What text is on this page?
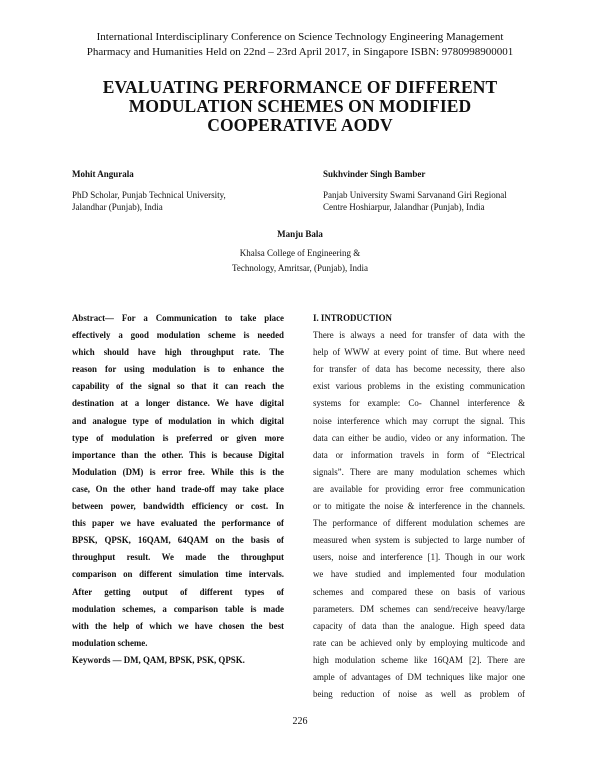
International Interdisciplinary Conference on Science Technology Engineering Management
Pharmacy and Humanities Held on 22nd – 23rd April 2017, in Singapore ISBN: 9780998900001
EVALUATING PERFORMANCE OF DIFFERENT
MODULATION SCHEMES ON MODIFIED
COOPERATIVE AODV
Mohit Angurala
PhD Scholar, Punjab Technical University,
Jalandhar (Punjab), India
Sukhvinder Singh Bamber
Panjab University Swami Sarvanand Giri Regional
Centre Hoshiarpur, Jalandhar (Punjab), India
Manju Bala
Khalsa College of Engineering &
Technology, Amritsar, (Punjab), India
Abstract— For a Communication to take place
effectively a good modulation scheme is needed
which should have high throughput rate. The
reason for using modulation is to enhance the
capability of the signal so that it can reach the
destination at a longer distance. We have digital
and analogue type of modulation in which digital
type of modulation is preferred or given more
importance than the other. This is because Digital
Modulation (DM) is error free. While this is the
case, On the other hand trade-off may take place
between power, bandwidth efficiency or cost. In
this paper we have evaluated the performance of
BPSK, QPSK, 16QAM, 64QAM on the basis of
throughput result. We made the throughput
comparison on different simulation time intervals.
After getting output of different types of
modulation schemes, a comparison table is made
with the help of which we have chosen the best
modulation scheme.
Keywords — DM, QAM, BPSK, PSK, QPSK.
I. INTRODUCTION
There is always a need for transfer of data with the
help of WWW at every point of time. But where need
for transfer of data has become necessity, there also
exist various problems in the existing communication
systems for example: Co- Channel interference &
noise interference which may corrupt the signal. This
data can either be audio, video or any information. The
data or information travels in form of “Electrical
signals”. There are many modulation schemes which
are available for providing error free communication
or to mitigate the noise & interference in the channels.
The performance of different modulation schemes are
measured when system is subjected to large number of
users, noise and interference [1]. Though in our work
we have studied and implemented four modulation
schemes and compared these on basis of various
parameters. DM schemes can send/receive heavy/large
capacity of data than the analogue. High speed data
rate can be achieved only by employing multicode and
high modulation scheme like 16QAM [2]. There are
ample of advantages of DM techniques like major one
being reduction of noise as well as problem of
226
